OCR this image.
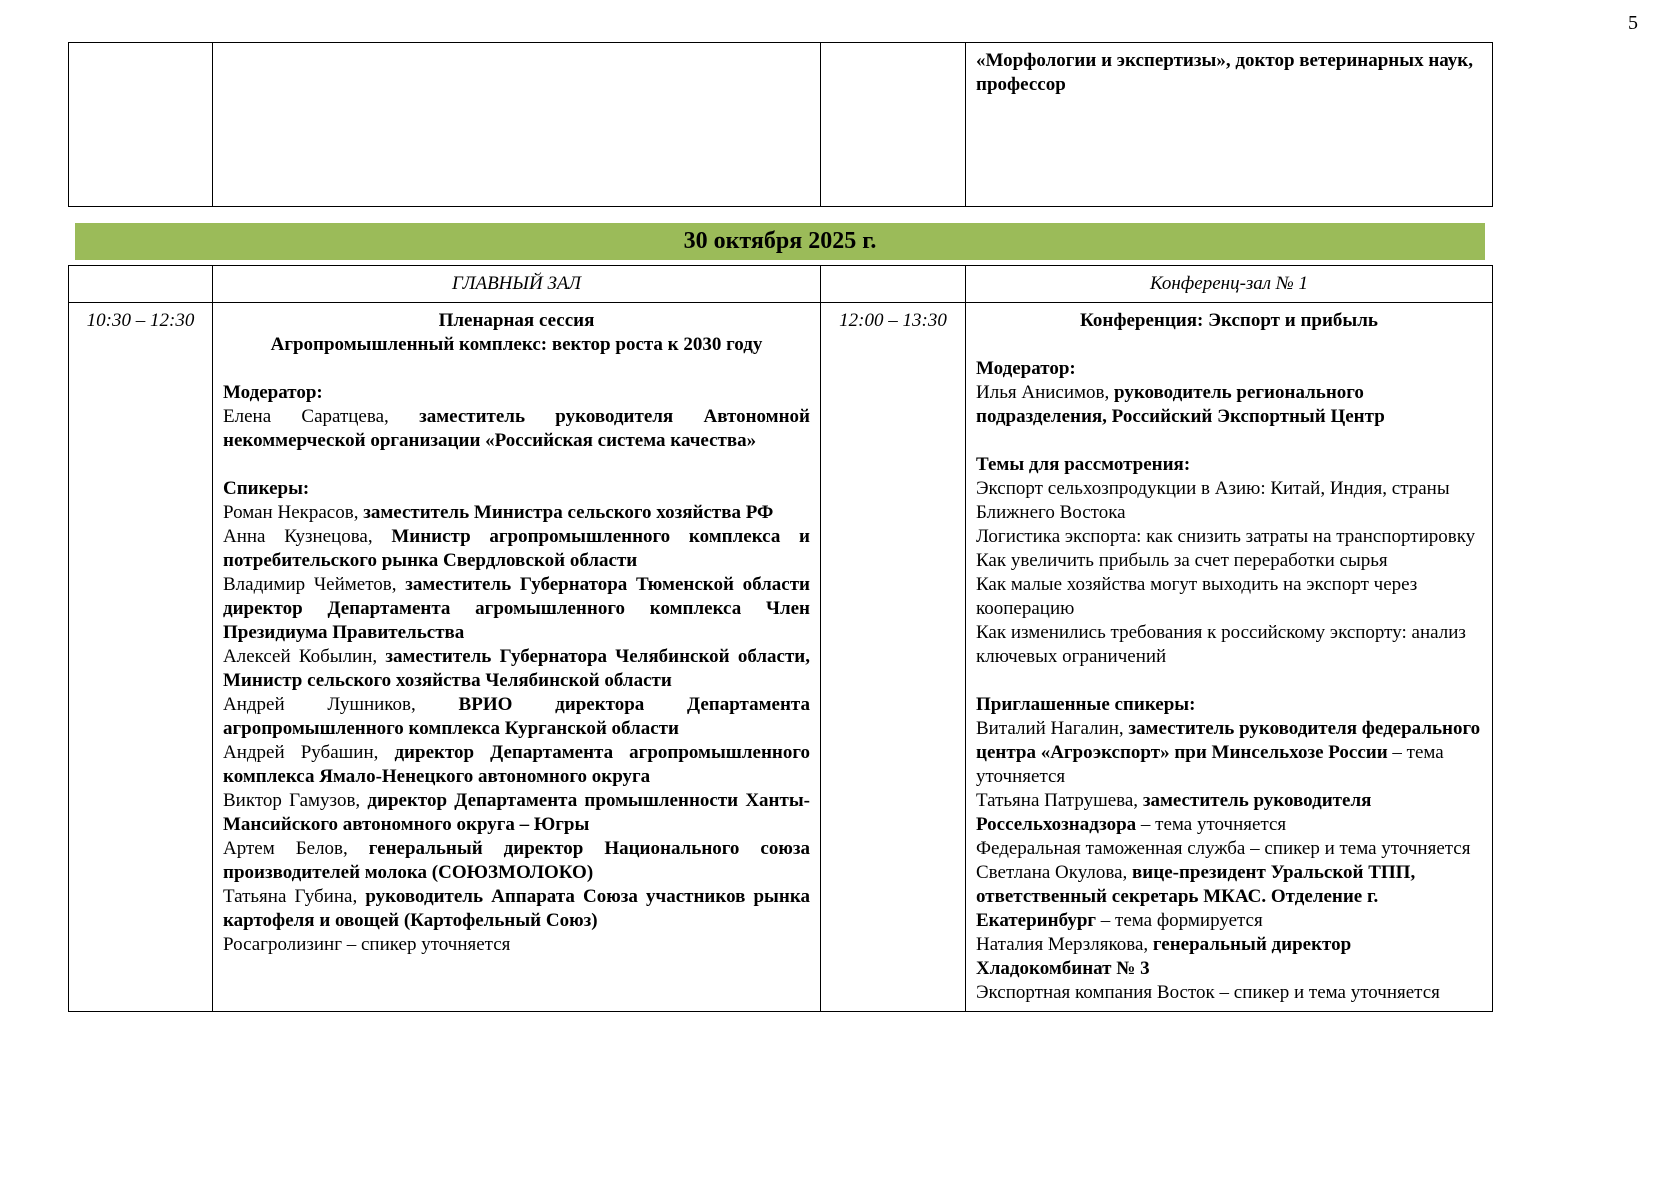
5

«Морфологии и экспертизы», доктор ветеринарных наук, профессор
30 октября 2025 г.
	ГЛАВНЫЙ ЗАЛ		Конференц-зал № 1
10:30 – 12:30	Пленарная сессия
Агропромышленный комплекс: вектор роста к 2030 году

Модератор:

Елена Саратцева, заместитель руководителя Автономной некоммерческой организации «Российская система качества»

Спикеры:

Роман Некрасов, заместитель Министра сельского хозяйства РФ

Анна Кузнецова, Министр агропромышленного комплекса и потребительского рынка Свердловской области

Владимир Чейметов, заместитель Губернатора Тюменской области директор Департамента агромышленного комплекса Член Президиума Правительства

Алексей Кобылин, заместитель Губернатора Челябинской области, Министр сельского хозяйства Челябинской области

Андрей Лушников, ВРИО директора Департамента агропромышленного комплекса Курганской области

Андрей Рубашин, директор Департамента агропромышленного комплекса Ямало-Ненецкого автономного округа

Виктор Гамузов, директор Департамента промышленности Ханты-Мансийского автономного округа – Югры

Артем Белов, генеральный директор Национального союза производителей молока (СОЮЗМОЛОКО)

Татьяна Губина, руководитель Аппарата Союза участников рынка картофеля и овощей (Картофельный Союз)

Росагролизинг – спикер уточняется

	12:00 – 13:30	Конференция: Экспорт и прибыль

Модератор:

Илья Анисимов, руководитель регионального подразделения, Российский Экспортный Центр

Темы для рассмотрения:

Экспорт сельхозпродукции в Азию: Китай, Индия, страны Ближнего Востока

Логистика экспорта: как снизить затраты на транспортировку

Как увеличить прибыль за счет переработки сырья

Как малые хозяйства могут выходить на экспорт через кооперацию

Как изменились требования к российскому экспорту: анализ ключевых ограничений

Приглашенные спикеры:

Виталий Нагалин, заместитель руководителя федерального центра «Агроэкспорт» при Минсельхозе России – тема уточняется

Татьяна Патрушева, заместитель руководителя Россельхознадзора – тема уточняется

Федеральная таможенная служба – спикер и тема уточняется

Светлана Окулова, вице-президент Уральской ТПП, ответственный секретарь МКАС. Отделение г. Екатеринбург – тема формируется

Наталия Мерзлякова, генеральный директор Хладокомбинат № 3

Экспортная компания Восток – спикер и тема уточняется
